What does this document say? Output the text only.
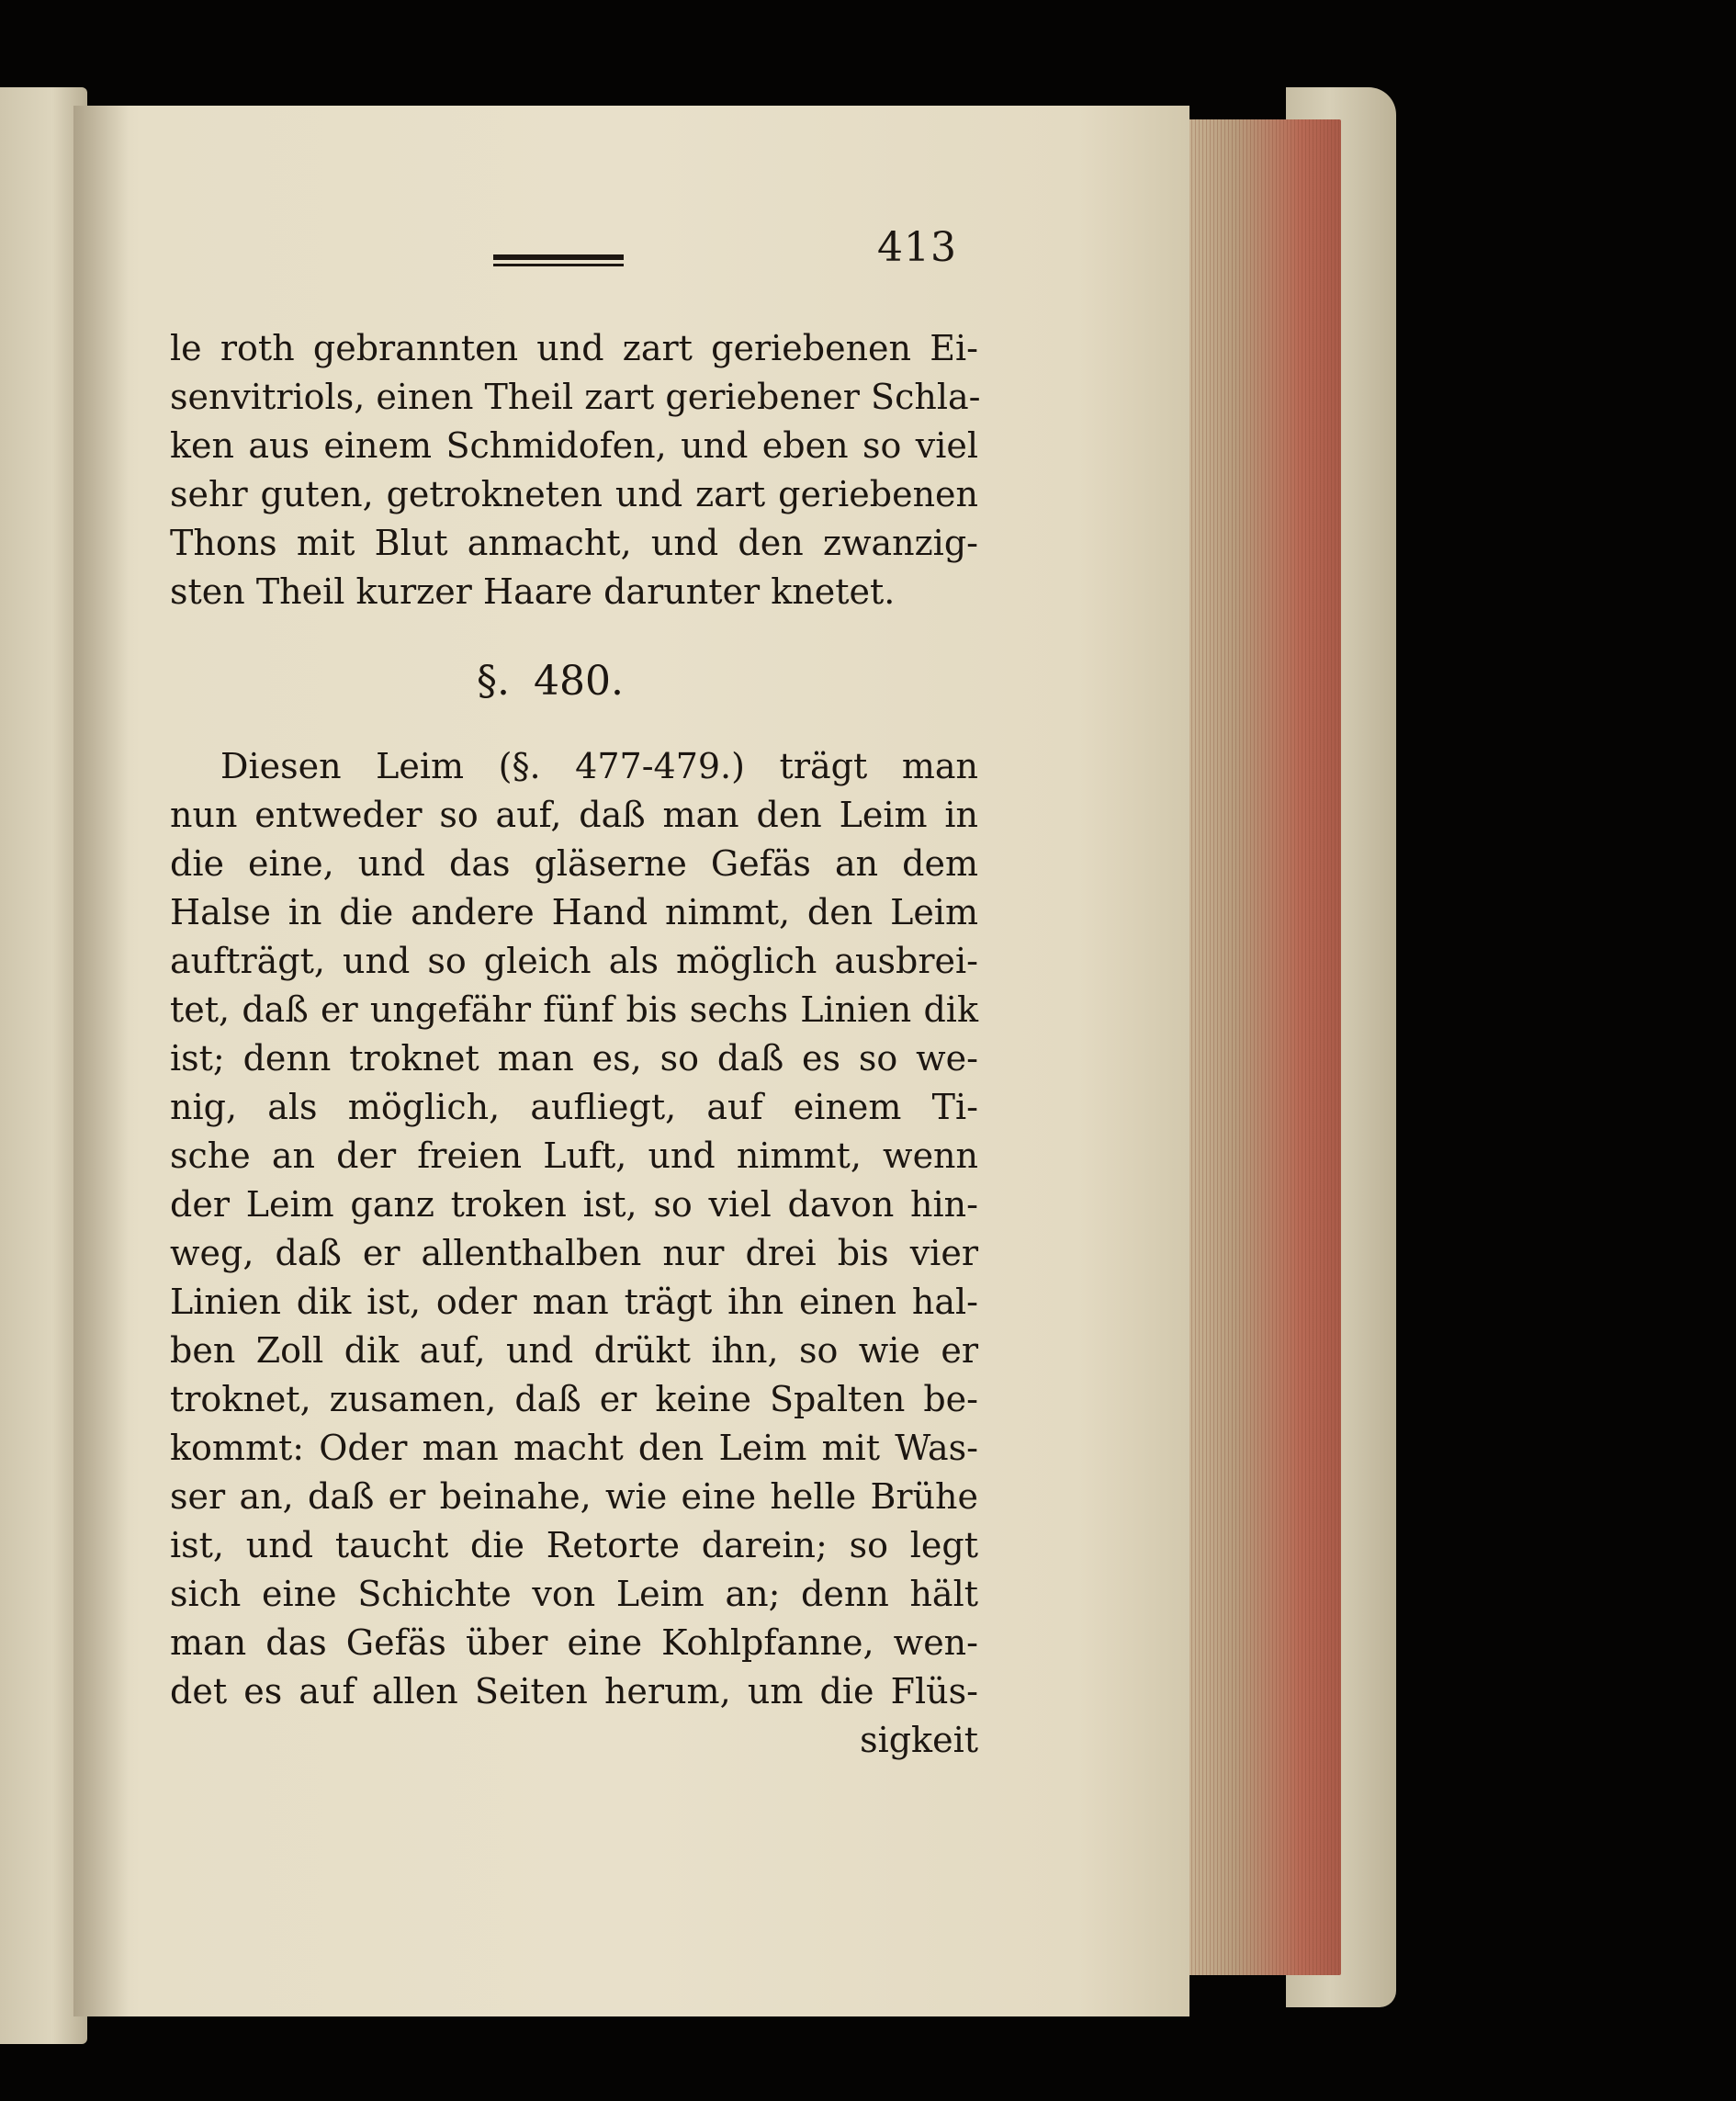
413
le roth gebrannten und zart geriebenen Ei-
senvitriols, einen Theil zart geriebener Schla-
ken aus einem Schmidofen, und eben so viel
sehr guten, getrokneten und zart geriebenen
Thons mit Blut anmacht, und den zwanzig-
sten Theil kurzer Haare darunter knetet.
Diesen Leim (§. 477-479.) trägt man
nun entweder so auf, daß man den Leim in
die eine, und das gläserne Gefäs an dem
Halse in die andere Hand nimmt, den Leim
aufträgt, und so gleich als möglich ausbrei-
tet, daß er ungefähr fünf bis sechs Linien dik
ist; denn troknet man es, so daß es so we-
nig, als möglich, aufliegt, auf einem Ti-
sche an der freien Luft, und nimmt, wenn
der Leim ganz troken ist, so viel davon hin-
weg, daß er allenthalben nur drei bis vier
Linien dik ist, oder man trägt ihn einen hal-
ben Zoll dik auf, und drükt ihn, so wie er
troknet, zusamen, daß er keine Spalten be-
kommt: Oder man macht den Leim mit Was-
ser an, daß er beinahe, wie eine helle Brühe
ist, und taucht die Retorte darein; so legt
sich eine Schichte von Leim an; denn hält
man das Gefäs über eine Kohlpfanne, wen-
det es auf allen Seiten herum, um die Flüs-
sigkeit
§. 480.
